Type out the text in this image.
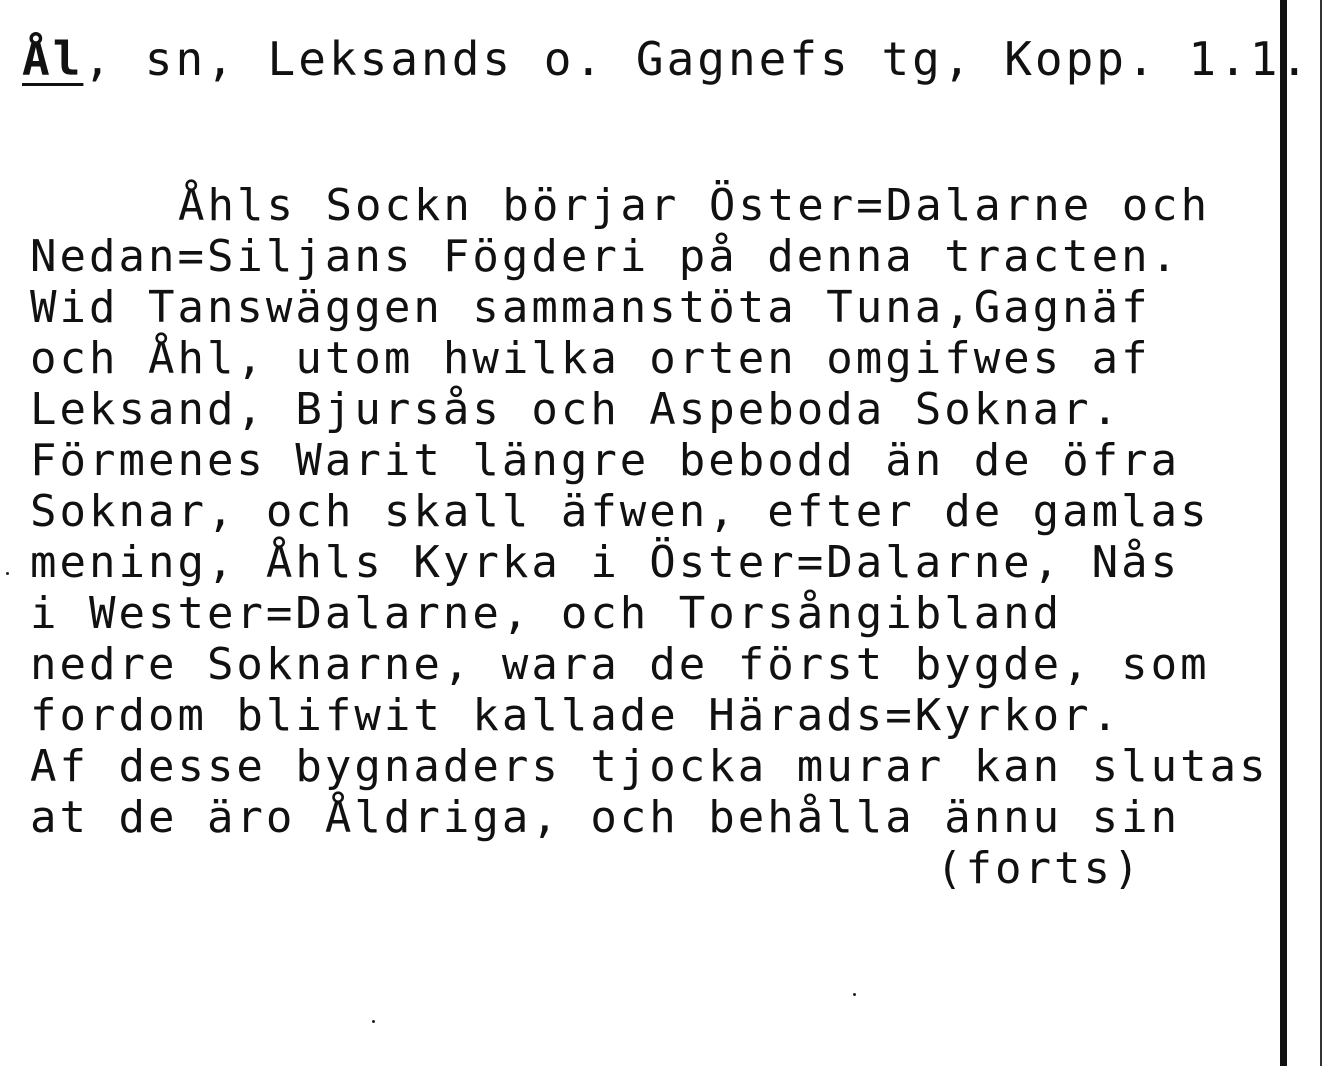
Ål, sn, Leksands o. Gagnefs tg, Kopp. 1.1.
Åhls Sockn börjar Öster=Dalarne och
Nedan=Siljans Fögderi på denna tracten.
Wid Tanswäggen sammanstöta Tuna,Gagnäf
och Åhl, utom hwilka orten omgifwes af
Leksand, Bjursås och Aspeboda Soknar.
Förmenes Warit längre bebodd än de öfra
Soknar, och skall äfwen, efter de gamlas
mening, Åhls Kyrka i Öster=Dalarne, Nås
i Wester=Dalarne, och Torsångibland
nedre Soknarne, wara de först bygde, som
fordom blifwit kallade Härads=Kyrkor.
Af desse bygnaders tjocka murar kan slutas
at de äro Åldriga, och behålla ännu sin
(forts)
